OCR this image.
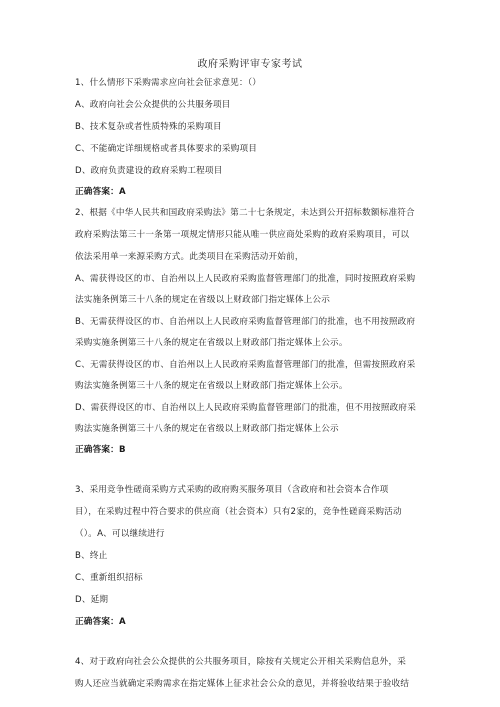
政府采购评审专家考试
1、什么情形下采购需求应向社会征求意见：（）
A、政府向社会公众提供的公共服务项目
B、技术复杂或者性质特殊的采购项目
C、不能确定详细规格或者具体要求的采购项目
D、政府负责建设的政府采购工程项目
正确答案：A
2、根据《中华人民共和国政府采购法》第二十七条规定，未达到公开招标数额标准符合
政府采购法第三十一条第一项规定情形只能从唯一供应商处采购的政府采购项目，可以
依法采用单一来源采购方式。此类项目在采购活动开始前，
A、需获得设区的市、自治州以上人民政府采购监督管理部门的批准，同时按照政府采购
法实施条例第三十八条的规定在省级以上财政部门指定媒体上公示
B、无需获得设区的市、自治州以上人民政府采购监督管理部门的批准，也不用按照政府
采购实施条例第三十八条的规定在省级以上财政部门指定媒体上公示。
C、无需获得设区的市、自治州以上人民政府采购监督管理部门的批准，但需按照政府采
购法实施条例第三十八条的规定在省级以上财政部门指定媒体上公示。
D、需获得设区的市、自治州以上人民政府采购监督管理部门的批准，但不用按照政府采
购法实施条例第三十八条的规定在省级以上财政部门指定媒体上公示
正确答案：B
3、采用竞争性磋商采购方式采购的政府购买服务项目（含政府和社会资本合作项
目），在采购过程中符合要求的供应商（社会资本）只有2家的，竞争性磋商采购活动
（）。A、可以继续进行
B、终止
C、重新组织招标
D、延期
正确答案：A
4、对于政府向社会公众提供的公共服务项目，除按有关规定公开相关采购信息外，采
购人还应当就确定采购需求在指定媒体上征求社会公众的意见，并将验收结果于验收结
